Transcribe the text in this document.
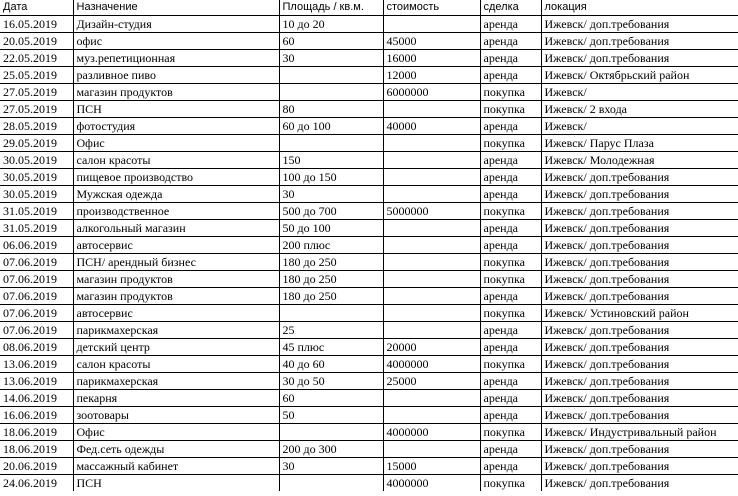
Дата	Назначение	Площадь / кв.м.	стоимость	сделка	локация
16.05.2019	Дизайн-студия	10 до 20		аренда	Ижевск/ доп.требования
20.05.2019	офис	60	45000	аренда	Ижевск/ доп.требования
22.05.2019	муз.репетиционная	30	16000	аренда	Ижевск/ доп.требования
25.05.2019	разливное пиво		12000	аренда	Ижевск/ Октябрьский район
27.05.2019	магазин продуктов		6000000	покупка	Ижевск/
27.05.2019	ПСН	80		покупка	Ижевск/ 2 входа
28.05.2019	фотостудия	60 до 100	40000	аренда	Ижевск/
29.05.2019	Офис			покупка	Ижевск/ Парус Плаза
30.05.2019	салон красоты	150		аренда	Ижевск/ Молодежная
30.05.2019	пищевое производство	100 до 150		аренда	Ижевск/ доп.требования
30.05.2019	Мужская одежда	30		аренда	Ижевск/ доп.требования
31.05.2019	производственное	500 до 700	5000000	покупка	Ижевск/ доп.требования
31.05.2019	алкогольный магазин	50 до 100		аренда	Ижевск/ доп.требования
06.06.2019	автосервис	200 плюс		аренда	Ижевск/ доп.требования
07.06.2019	ПСН/ арендный бизнес	180 до 250		покупка	Ижевск/ доп.требования
07.06.2019	магазин продуктов	180 до 250		покупка	Ижевск/ доп.требования
07.06.2019	магазин продуктов	180 до 250		аренда	Ижевск/ доп.требования
07.06.2019	автосервис			покупка	Ижевск/ Устиновский район
07.06.2019	парикмахерская	25		аренда	Ижевск/ доп.требования
08.06.2019	детский центр	45 плюс	20000	аренда	Ижевск/ доп.требования
13.06.2019	салон красоты	40 до 60	4000000	покупка	Ижевск/ доп.требования
13.06.2019	парикмахерская	30 до 50	25000	аренда	Ижевск/ доп.требования
14.06.2019	пекарня	60		аренда	Ижевск/ доп.требования
16.06.2019	зоотовары	50		аренда	Ижевск/ доп.требования
18.06.2019	Офис		4000000	покупка	Ижевск/ Индустривальный район
18.06.2019	Фед.сеть одежды	200 до 300		аренда	Ижевск/ доп.требования
20.06.2019	массажный кабинет	30	15000	аренда	Ижевск/ доп.требования
24.06.2019	ПСН		4000000	покупка	Ижевск/ доп.требования
